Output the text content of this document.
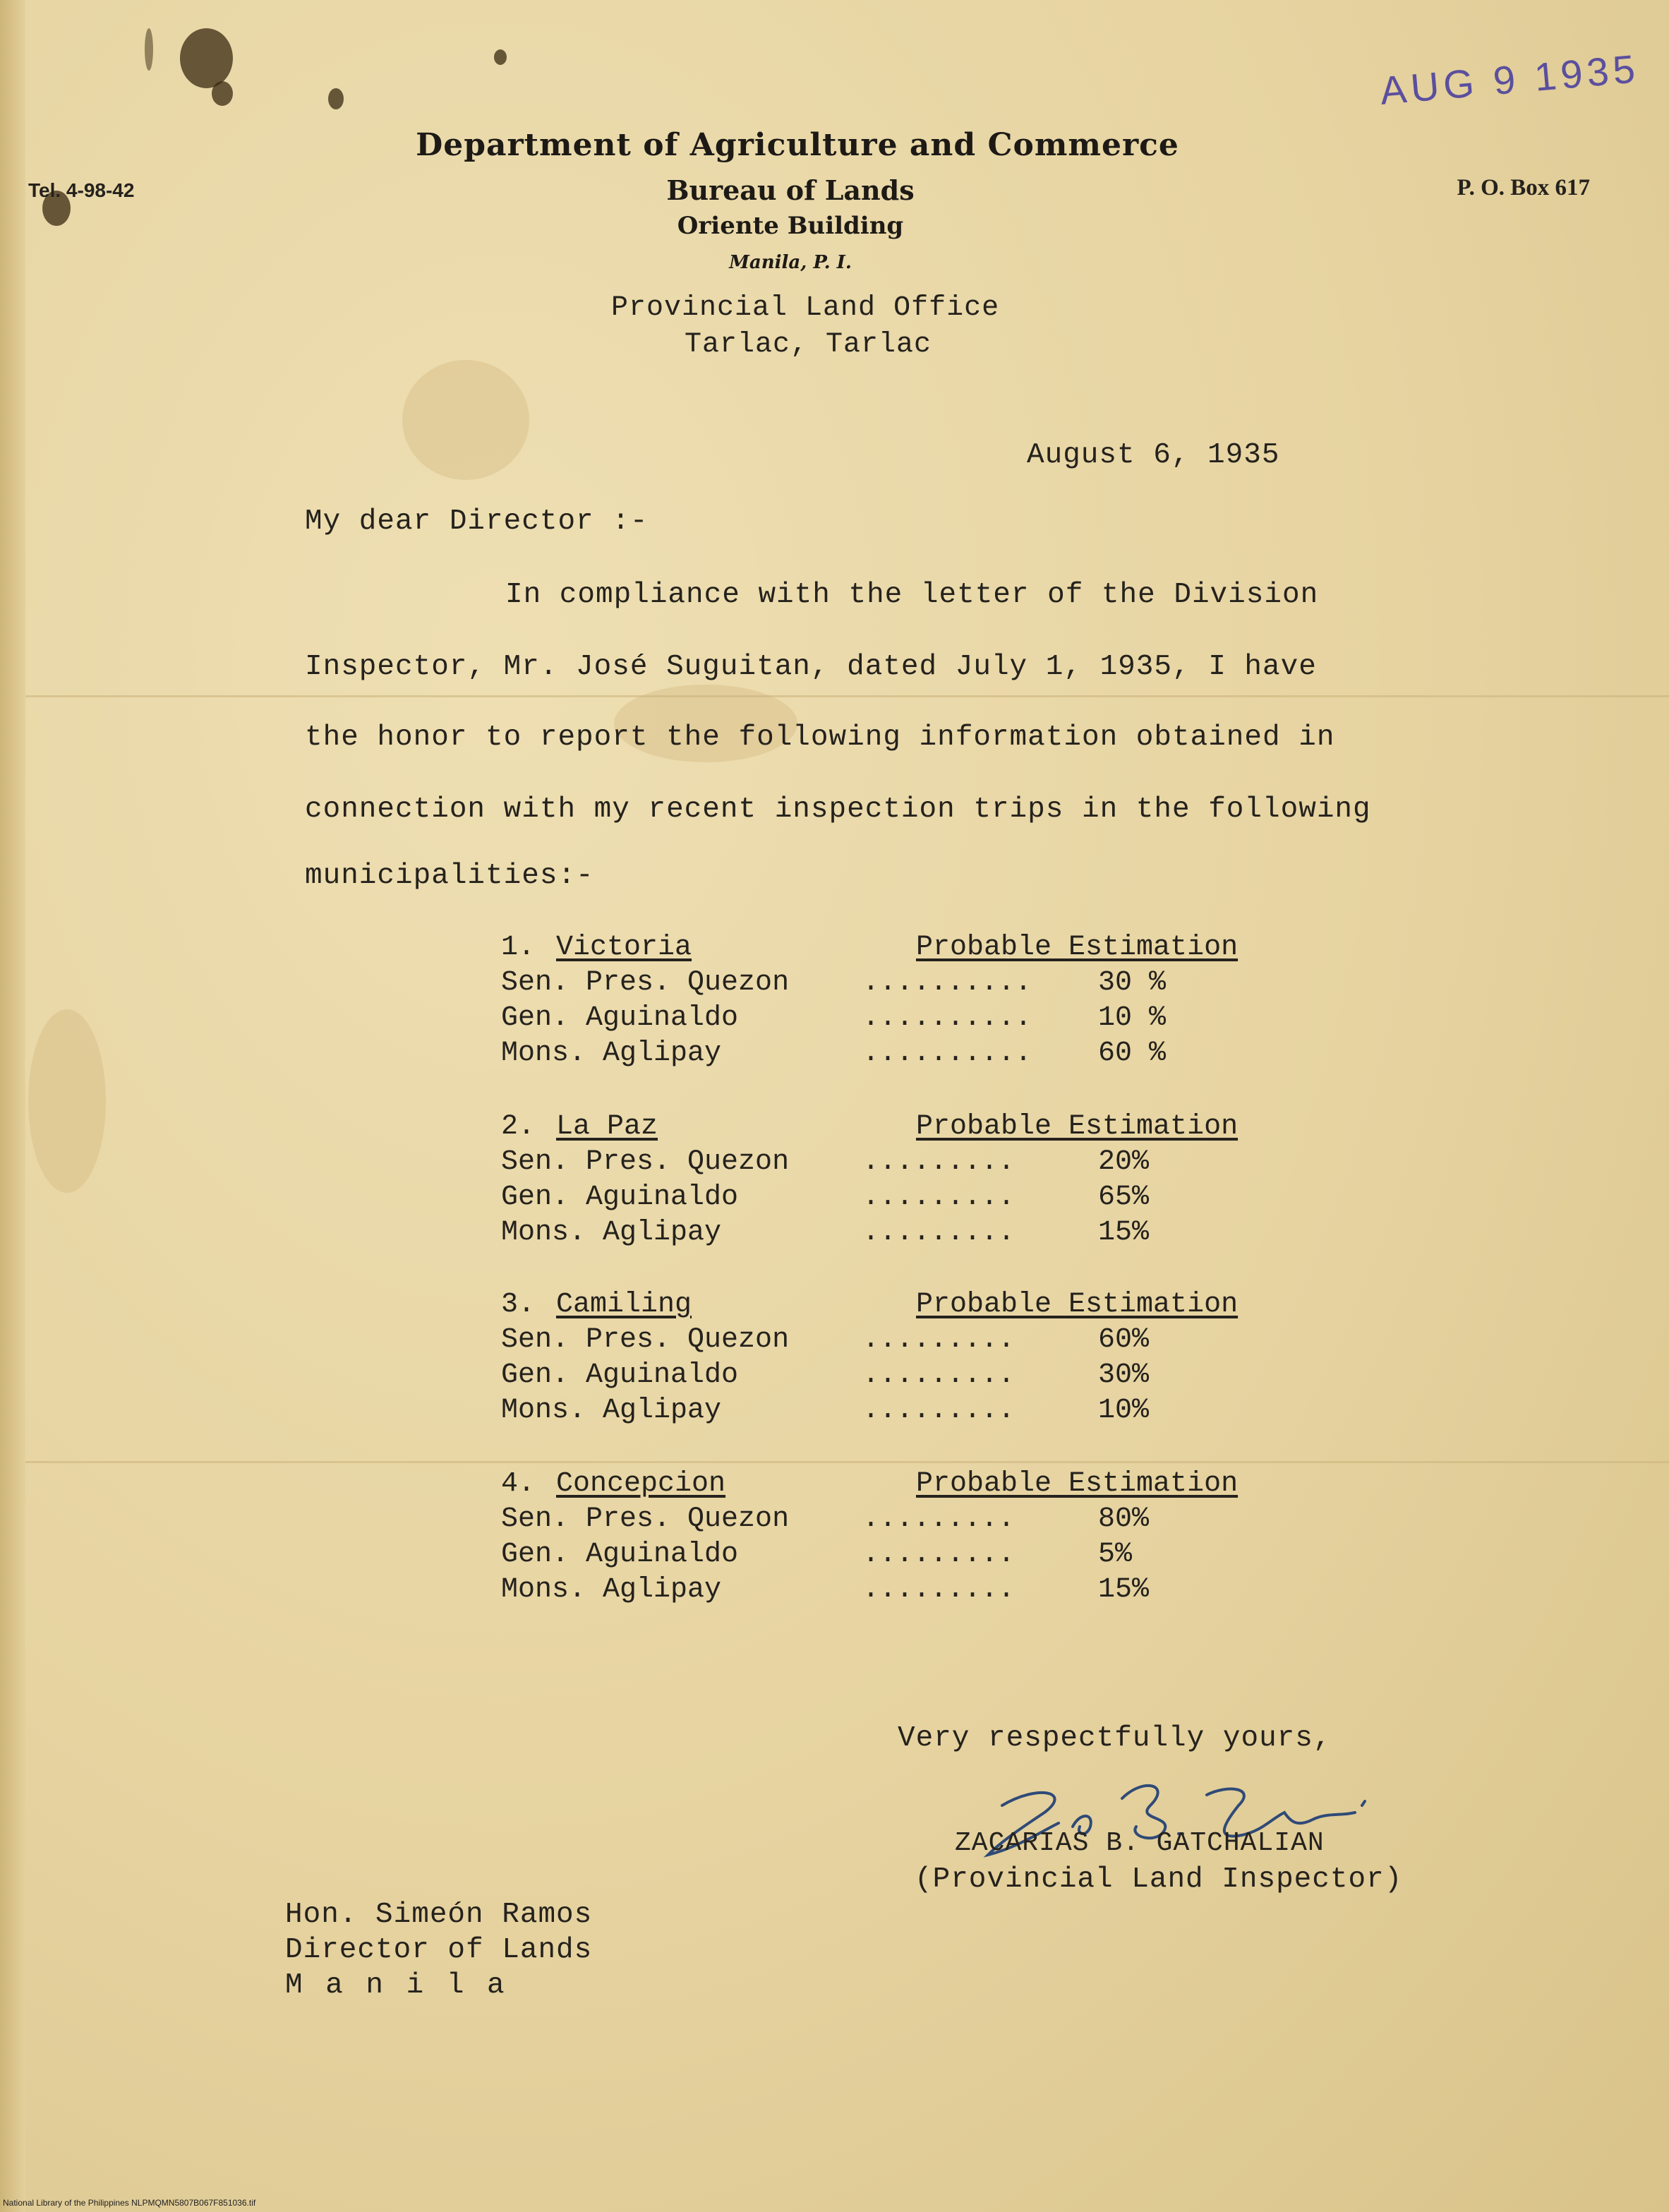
Tel. 4-98-42
Department of Agriculture and Commerce
Bureau of Lands
Oriente Building
Manila, P. I.
P. O. Box 617
Provincial Land Office
Tarlac, Tarlac
AUG 9 1935
August 6, 1935
My dear Director :-
In compliance with the letter of the Division
Inspector, Mr. José Suguitan, dated July 1, 1935, I have
the honor to report the following information obtained in
connection with my recent inspection trips in the following
municipalities:-
1. Victoria	Probable Estimation
Sen. Pres. Quezon	.......... 30 %
Gen. Aguinaldo	.......... 10 %
Mons. Aglipay	.......... 60 %
2. La Paz	Probable Estimation
Sen. Pres. Quezon	.........	20%
Gen. Aguinaldo	.........	65%
Mons. Aglipay	.........	15%
3. Camiling	Probable Estimation
Sen. Pres. Quezon	.........	60%
Gen. Aguinaldo	.........	30%
Mons. Aglipay	.........	10%
4. Concepcion	Probable Estimation
Sen. Pres. Quezon	.........	80%
Gen. Aguinaldo	.........	5%
Mons. Aglipay	.........	15%
Very respectfully yours,
Zac B. Gatchal
ZACARIAS B. GATCHALIAN
(Provincial Land Inspector)
Hon. Simeón Ramos
Director of Lands
M a n i l a
National Library of the Philippines NLPMQMN5807B067F851036.tif
